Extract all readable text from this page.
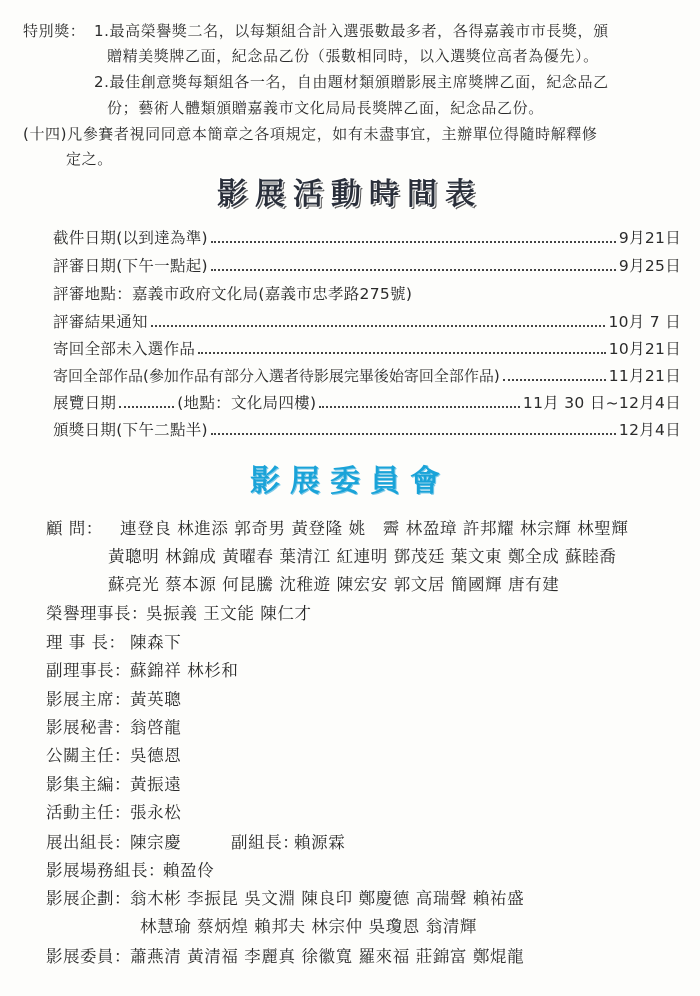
特別獎： 1.最高榮譽獎二名，以每類組合計入選張數最多者，各得嘉義市市長獎，頒
贈精美獎牌乙面，紀念品乙份（張數相同時，以入選獎位高者為優先）。
2.最佳創意獎每類組各一名，自由題材類頒贈影展主席獎牌乙面，紀念品乙
份；藝術人體類頒贈嘉義市文化局局長獎牌乙面，紀念品乙份。
(十四)凡參賽者視同同意本簡章之各項規定，如有未盡事宜，主辦單位得隨時解釋修
定之。
影展活動時間表
截件日期(以到達為準)	9月21日
評審日期(下午一點起)	9月25日
評審地點：嘉義市政府文化局(嘉義市忠孝路275號)
評審結果通知	10月 7 日
寄回全部未入選作品	10月21日
寄回全部作品(參加作品有部分入選者待影展完畢後始寄回全部作品)	11月21日
展覽日期	(地點：文化局四樓)	11月 30 日~12月4日
頒獎日期(下午二點半)	12月4日
影展委員會
顧 問： 連登良 林進添 郭奇男 黃登隆 姚　霽 林盈璋 許邦耀 林宗輝 林聖輝
黃聰明 林錦成 黃曜春 葉清江 紅連明 鄧茂廷 葉文東 鄭全成 蘇睦喬
蘇亮光 蔡本源 何昆騰 沈稚遊 陳宏安 郭文居 簡國輝 唐有建
榮譽理事長：
吳振義 王文能 陳仁才
理 事 長： 陳森下
副理事長： 蘇錦祥 林杉和
影展主席： 黃英聰
影展秘書： 翁啓龍
公關主任： 吳德恩
影集主編： 黃振遠
活動主任： 張永松
展出組長： 陳宗慶	副組長：
賴源霖
影展場務組長：
賴盈伶
影展企劃： 翁木彬 李振昆 吳文淵 陳良印 鄭慶德 高瑞聲 賴祐盛
林慧瑜 蔡炳煌 賴邦夫 林宗仲 吳瓊恩 翁清輝
影展委員： 蕭燕清 黃清福 李麗真 徐徽寬 羅來福 莊錦富 鄭焜龍
